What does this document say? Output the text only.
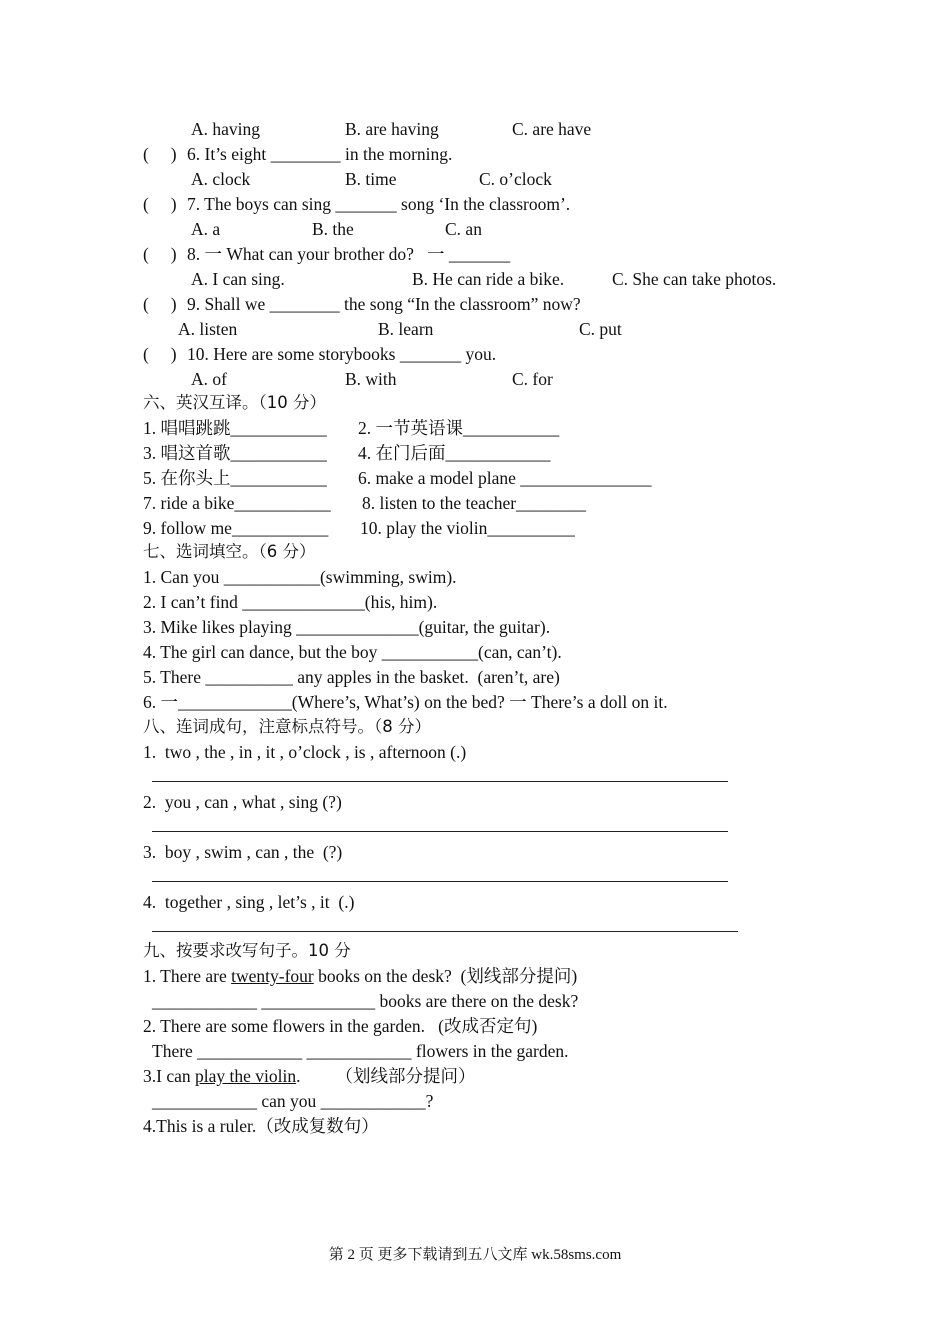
A. having	B. are having	C. are have
(     ) 6. It’s eight ________ in the morning.
A. clock	B. time	C. o’clock
(     ) 7. The boys can sing _______ song ‘In the classroom’.
A. a	B. the	C. an
(     ) 8. 一 What can your brother do?   一 _______
A. I can sing.	B. He can ride a bike.	C. She can take photos.
(     ) 9. Shall we ________ the song “In the classroom” now?
A. listen	B. learn	C. put
(     ) 10. Here are some storybooks _______ you.
A. of	B. with	C. for
六、英汉互译。（10 分）
1. 唱唱跳跳___________ 2. 一节英语课___________
3. 唱这首歌___________ 4. 在门后面____________
5. 在你头上___________ 6. make a model plane _______________
7. ride a bike___________ 8. listen to the teacher________
9. follow me___________ 10. play the violin__________
七、选词填空。（6 分）
1. Can you ___________(swimming, swim).
2. I can’t find ______________(his, him).
3. Mike likes playing ______________(guitar, the guitar).
4. The girl can dance, but the boy ___________(can, can’t).
5. There __________ any apples in the basket.  (aren’t, are)
6. 一_____________(Where’s, What’s) on the bed? 一 There’s a doll on it.
八、连词成句，注意标点符号。（8 分）
1.  two , the , in , it , o’clock , is , afternoon (.)
2.  you , can , what , sing (?)
3.  boy , swim , can , the  (?)
4.  together , sing , let’s , it  (.)
九、按要求改写句子。10 分
1. There are twenty-four books on the desk?  (划线部分提问)
____________ _____________ books are there on the desk?
2. There are some flowers in the garden.   (改成否定句)
There ____________ ____________ flowers in the garden.
3.I can play the violin.        （划线部分提问）
____________ can you ____________?
4.This is a ruler.（改成复数句）
第 2 页 更多下载请到五八文库 wk.58sms.com
